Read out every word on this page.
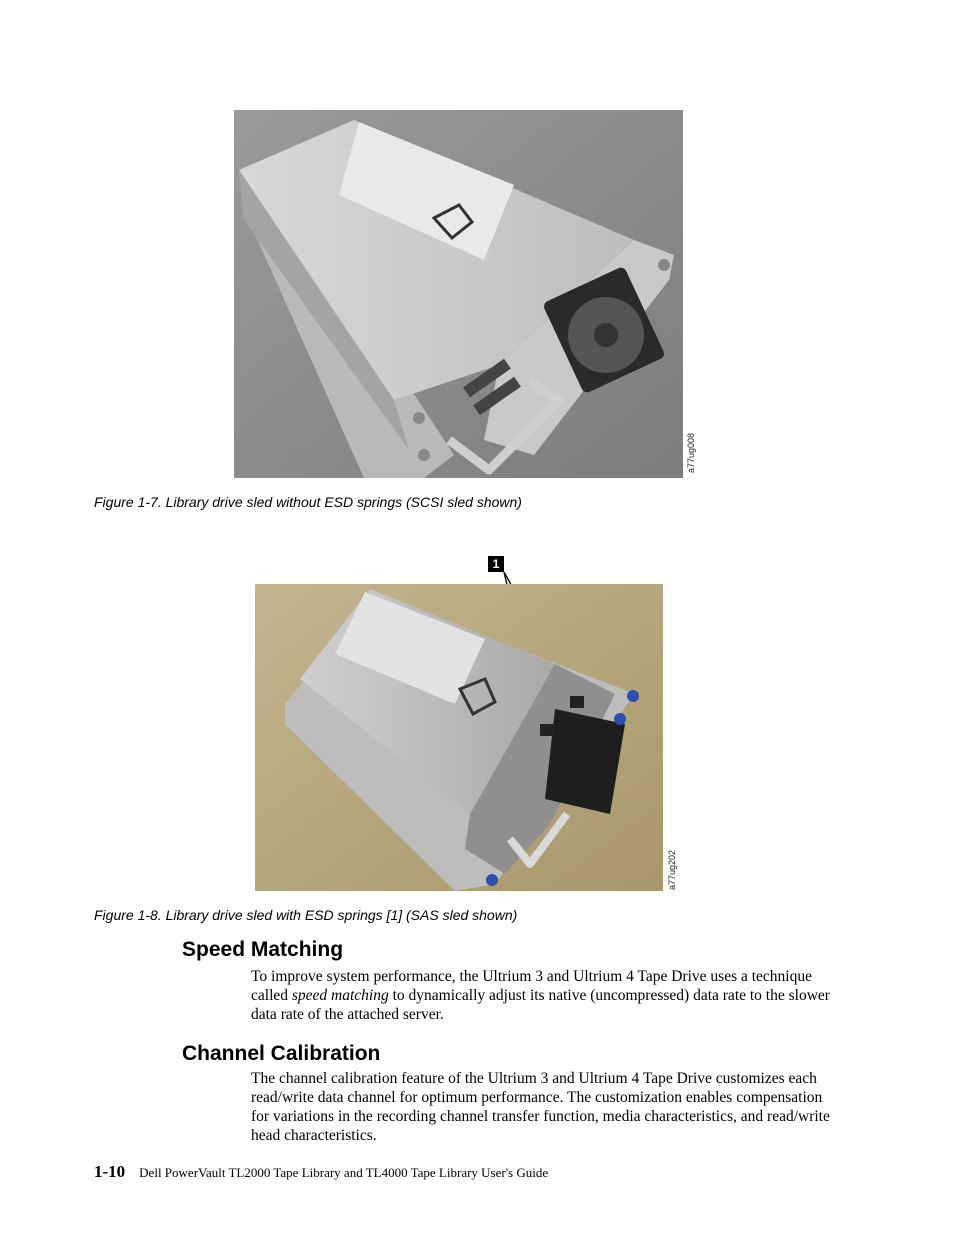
a77ug008
Figure 1-7. Library drive sled without ESD springs (SCSI sled shown)
1
a77ug202
Figure 1-8. Library drive sled with ESD springs [1] (SAS sled shown)
Speed Matching

To improve system performance, the Ultrium 3 and Ultrium 4 Tape Drive uses a technique called speed matching to dynamically adjust its native (uncompressed) data rate to the slower data rate of the attached server.

Channel Calibration

The channel calibration feature of the Ultrium 3 and Ultrium 4 Tape Drive customizes each read/write data channel for optimum performance. The customization enables compensation for variations in the recording channel transfer function, media characteristics, and read/write head characteristics.

1-10 Dell PowerVault TL2000 Tape Library and TL4000 Tape Library User's Guide
